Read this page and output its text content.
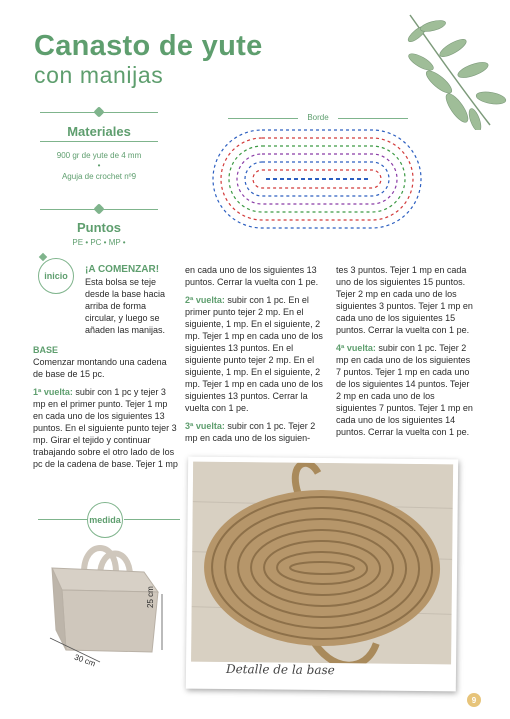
Canasto de yute
con manijas
Materiales
900 gr de yute de 4 mm
•
Aguja de crochet nº9
Puntos
PE • PC • MP •
Borde
inicio
¡A COMENZAR!

Esta bolsa se teje desde la base hacia arriba de forma circular, y luego se añaden las manijas.

BASE

Comenzar montando una cadena de base de 15 pc.

1ª vuelta: subir con 1 pc y tejer 3 mp en el primer punto. Tejer 1 mp en cada uno de los siguientes 13 puntos. En el siguiente punto tejer 3 mp. Girar el tejido y continuar trabajando sobre el otro lado de los pc de la cadena de base. Tejer 1 mp

en cada uno de los siguientes 13 puntos. Cerrar la vuelta con 1 pe.

2ª vuelta: subir con 1 pc. En el primer punto tejer 2 mp. En el siguiente, 1 mp. En el siguiente, 2 mp. Tejer 1 mp en cada uno de los siguientes 13 puntos. En el siguiente punto tejer 2 mp. En el siguiente, 1 mp. En el siguiente, 2 mp. Tejer 1 mp en cada uno de los siguientes 13 puntos. Cerrar la vuelta con 1 pe.

3ª vuelta: subir con 1 pc. Tejer 2 mp en cada uno de los siguien-

tes 3 puntos. Tejer 1 mp en cada uno de los siguientes 15 puntos. Tejer 2 mp en cada uno de los siguientes 3 puntos. Tejer 1 mp en cada uno de los siguientes 15 puntos. Cerrar la vuelta con 1 pe.

4ª vuelta: subir con 1 pc. Tejer 2 mp en cada uno de los siguientes 7 puntos. Tejer 1 mp en cada uno de los siguientes 14 puntos. Tejer 2 mp en cada uno de los siguientes 7 puntos. Tejer 1 mp en cada uno de los siguientes 14 puntos. Cerrar la vuelta con 1 pe.

medida
25 cm
30 cm
Detalle de la base
9
